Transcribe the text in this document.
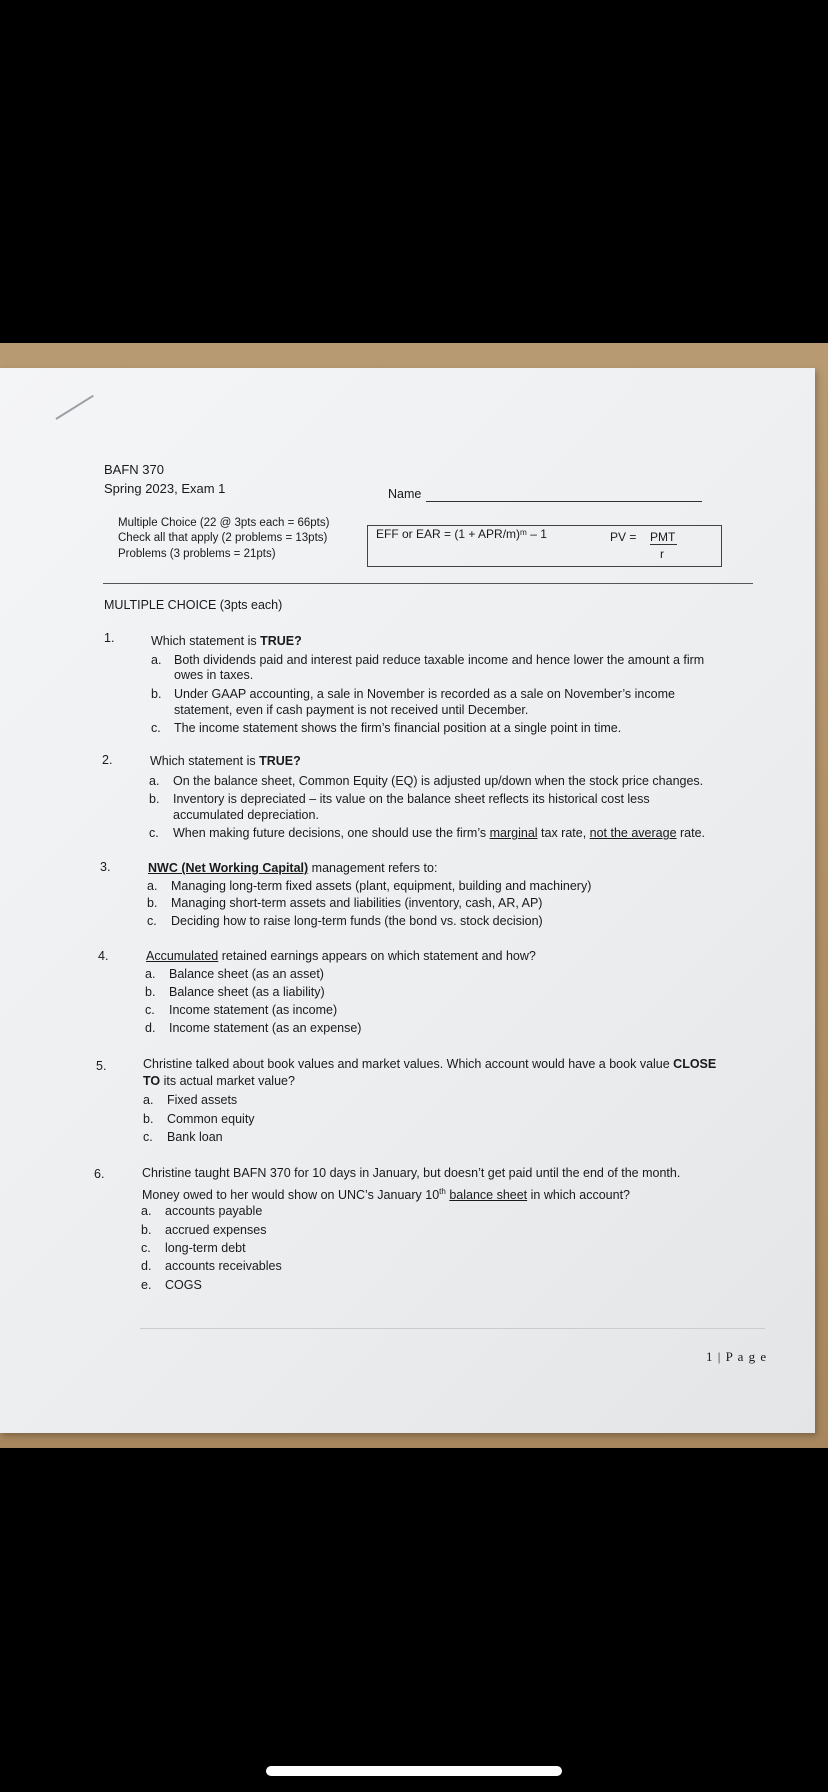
BAFN 370
Spring 2023, Exam 1	Name
Multiple Choice (22 @ 3pts each = 66pts)
Check all that apply (2 problems = 13pts)
Problems (3 problems = 21pts)
EFF or EAR = (1 + APR/m)ᵐ – 1	PV = PMT
r
MULTIPLE CHOICE (3pts each)
1.	Which statement is TRUE?
a. Both dividends paid and interest paid reduce taxable income and hence lower the amount a firm
owes in taxes.
b. Under GAAP accounting, a sale in November is recorded as a sale on November’s income
statement, even if cash payment is not received until December.
c. The income statement shows the firm’s financial position at a single point in time.
2.	Which statement is TRUE?
a. On the balance sheet, Common Equity (EQ) is adjusted up/down when the stock price changes.
b. Inventory is depreciated – its value on the balance sheet reflects its historical cost less
accumulated depreciation.
c. When making future decisions, one should use the firm’s marginal tax rate, not the average rate.
3.	NWC (Net Working Capital) management refers to:
a. Managing long-term fixed assets (plant, equipment, building and machinery)
b. Managing short-term assets and liabilities (inventory, cash, AR, AP)
c. Deciding how to raise long-term funds (the bond vs. stock decision)
4.	Accumulated retained earnings appears on which statement and how?
a. Balance sheet (as an asset)
b. Balance sheet (as a liability)
c. Income statement (as income)
d. Income statement (as an expense)
5.	Christine talked about book values and market values. Which account would have a book value CLOSE
TO its actual market value?
a. Fixed assets
b. Common equity
c. Bank loan
6.	Christine taught BAFN 370 for 10 days in January, but doesn’t get paid until the end of the month.
Money owed to her would show on UNC’s January 10th balance sheet in which account?
a. accounts payable
b. accrued expenses
c. long-term debt
d. accounts receivables
e. COGS
1 | P a g e
